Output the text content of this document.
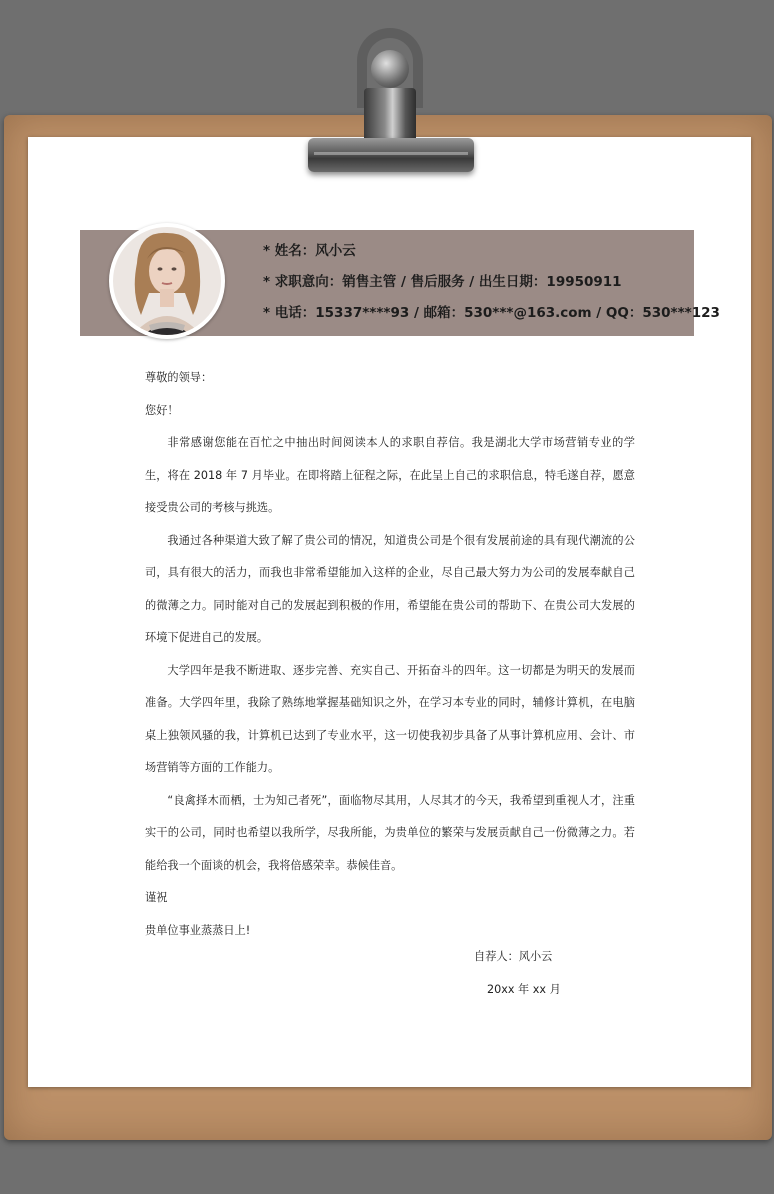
* 姓名：风小云
* 求职意向：销售主管 / 售后服务 / 出生日期：19950911
* 电话：15337****93 / 邮箱：530***@163.com / QQ：530***123

尊敬的领导：

您好！

非常感谢您能在百忙之中抽出时间阅读本人的求职自荐信。我是湖北大学市场营销专业的学生，将在 2018 年 7 月毕业。在即将踏上征程之际，在此呈上自己的求职信息，特毛遂自荐，愿意接受贵公司的考核与挑选。

我通过各种渠道大致了解了贵公司的情况，知道贵公司是个很有发展前途的具有现代潮流的公司，具有很大的活力，而我也非常希望能加入这样的企业，尽自己最大努力为公司的发展奉献自己的微薄之力。同时能对自己的发展起到积极的作用，希望能在贵公司的帮助下、在贵公司大发展的环境下促进自己的发展。

大学四年是我不断进取、逐步完善、充实自己、开拓奋斗的四年。这一切都是为明天的发展而准备。大学四年里，我除了熟练地掌握基础知识之外，在学习本专业的同时，辅修计算机，在电脑桌上独领风骚的我，计算机已达到了专业水平，这一切使我初步具备了从事计算机应用、会计、市场营销等方面的工作能力。

“良禽择木而栖，士为知己者死”，面临物尽其用，人尽其才的今天，我希望到重视人才，注重实干的公司，同时也希望以我所学，尽我所能，为贵单位的繁荣与发展贡献自己一份微薄之力。若能给我一个面谈的机会，我将倍感荣幸。恭候佳音。

谨祝

贵单位事业蒸蒸日上!

自荐人：风小云
20xx 年 xx 月
